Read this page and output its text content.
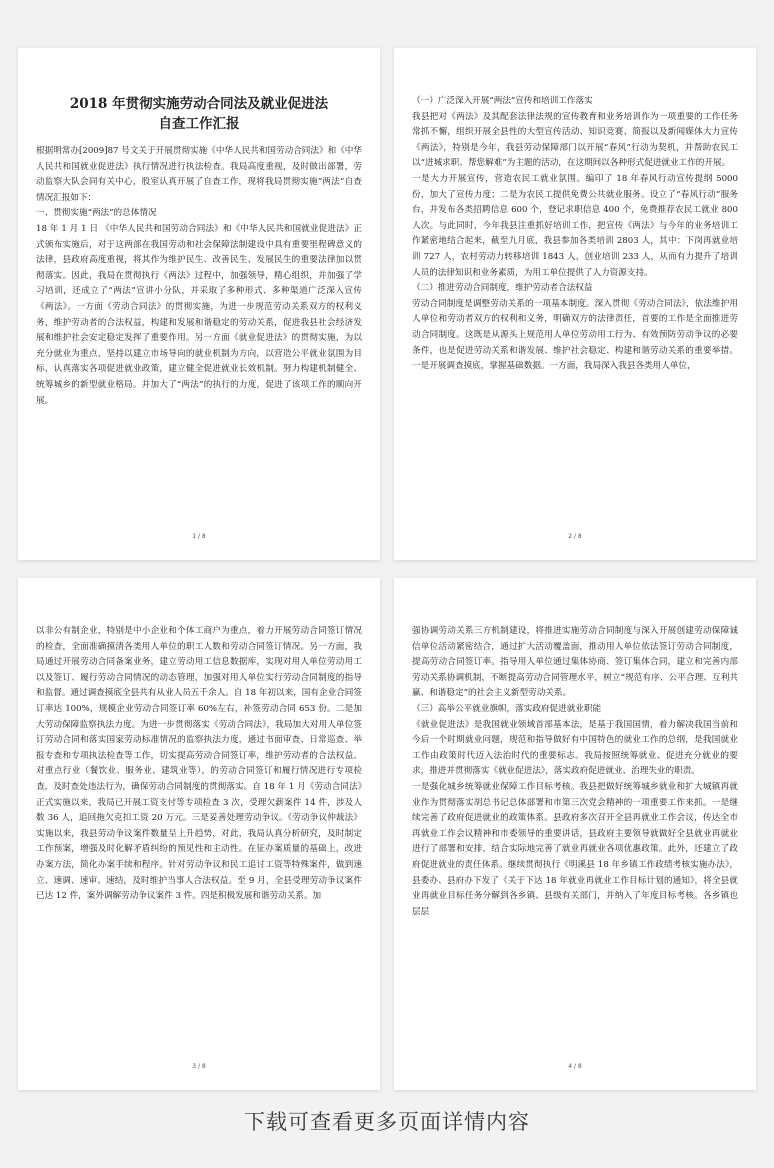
2018 年贯彻实施劳动合同法及就业促进法
自查工作汇报

根据明常办[2009]87 号文关于开展贯彻实施《中华人民共和国劳动合同法》和《中华人民共和国就业促进法》执行情况进行执法检查。我局高度重视，及时做出部署，劳动监察大队会同有关中心，股室认真开展了自查工作，现将我局贯彻实施“两法”自查情况汇报如下：

一、贯彻实施“两法”的总体情况

18 年 1 月 1 日 《中华人民共和国劳动合同法》和《中华人民共和国就业促进法》正式颁布实施后，对于这两部在我国劳动和社会保障法制建设中具有重要里程碑意义的法律，县政府高度重视，将其作为维护民生、改善民生、发展民生的重要法律加以贯彻落实。因此，我局在贯彻执行《两法》过程中，加强领导，精心组织，并加强了学习培训，还成立了“两法”宣讲小分队，并采取了多种形式、多种渠道广泛深入宣传《两法》。一方面《劳动合同法》的贯彻实施，为进一步规范劳动关系双方的权利义务，维护劳动者的合法权益，构建和发展和谐稳定的劳动关系，促进我县社会经济发展和维护社会安定稳定发挥了重要作用。另一方面《就业促进法》的贯彻实施，为以充分就业为重点，坚持以建立市场导向的就业机制为方向，以营造公平就业氛围为目标，认真落实各项促进就业政策，建立健全促进就业长效机制。努力构建机制健全、统筹城乡的新型就业格局。并加大了“两法”的执行的力度，促进了该项工作的顺向开展。

1 / 8

（一）广泛深入开展“两法”宣传和培训工作落实

我县把对《两法》及其配套法律法规的宣传教育和业务培训作为一项重要的工作任务常抓不懈，组织开展全县性的大型宣传活动、知识竞赛、简报以及新闻媒体大力宣传《两法》，特别是今年，我县劳动保障部门以开展“春风”行动为契机，并帮助农民工以“进城求职、帮您解难”为主题的活动，在这期间以各种形式促进就业工作的开展。

一是大力开展宣传，营造农民工就业氛围。编印了 18 年春风行动宣传提纲 5000 份，加大了宣传力度；二是为农民工提供免费公共就业服务。设立了“春风行动”服务台，并发布各类招聘信息 600 个，登记求职信息 400 个，免费推荐农民工就业 800 人次。与此同时，今年我县注重抓好培训工作，把宣传《两法》与今年的业务培训工作紧密地结合起来，截至九月底，我县参加各类培训 2803 人，其中：下岗再就业培训 727 人，农村劳动力转移培训 1843 人，创业培训 233 人，从而有力提升了培训人员的法律知识和业务素质，为用工单位提供了人力资源支持。

（二）推进劳动合同制度，维护劳动者合法权益

劳动合同制度是调整劳动关系的一项基本制度。深入贯彻《劳动合同法》，依法维护用人单位和劳动者双方的权利和义务，明确双方的法律责任，首要的工作是全面推进劳动合同制度。这既是从源头上规范用人单位劳动用工行为、有效预防劳动争议的必要条件，也是促进劳动关系和谐发展、维护社会稳定、构建和谐劳动关系的重要举措。一是开展调查摸底，掌握基础数据。一方面，我局深入我县各类用人单位，

2 / 8

以非公有制企业，特别是中小企业和个体工商户为重点，着力开展劳动合同签订情况的检查，全面准确摸清各类用人单位的职工人数和劳动合同签订情况。另一方面，我局通过开展劳动合同备案业务，建立劳动用工信息数据库，实现对用人单位劳动用工以及签订、履行劳动合同情况的动态管理，加强对用人单位实行劳动合同制度的指导和监督。通过调查摸底全县共有从业人员五千余人。自 18 年初以来，国有企业合同签订率达 100%，规模企业劳动合同签订率 60%左右，补签劳动合同 653 份。二是加大劳动保障监察执法力度。为进一步贯彻落实《劳动合同法》，我局加大对用人单位签订劳动合同和落实国家劳动标准情况的监察执法力度，通过书面审查、日常巡查、举报专查和专项执法检查等工作，切实提高劳动合同签订率，维护劳动者的合法权益。对重点行业（餐饮业、服务业、建筑业等），的劳动合同签订和履行情况进行专项检查，及时查处违法行为，确保劳动合同制度的贯彻落实。自 18 年 1 月《劳动合同法》正式实施以来，我局已开展工资支付等专项检查 3 次，受理欠薪案件 14 件，涉及人数 36 人，追回拖欠克扣工资 20 万元。三是妥善处理劳动争议。《劳动争议仲裁法》实施以来，我县劳动争议案件数量呈上升趋势，对此，我局认真分析研究，及时制定工作预案，增强及时化解矛盾纠纷的预见性和主动性。在征办案质量的基础上，改进办案方法，简化办案手续和程序。针对劳动争议和民工追讨工资等特殊案件，做到速立、速调、速审、速结，及时维护当事人合法权益。至 9 月，全县受理劳动争议案件已达 12 件，案外调解劳动争议案件 3 件。四是积极发展和谐劳动关系。加

3 / 8

强协调劳动关系三方机制建设，将推进实施劳动合同制度与深入开展创建劳动保障诚信单位活动紧密结合，通过扩大活动覆盖面，推动用人单位依法签订劳动合同制度，提高劳动合同签订率。指导用人单位通过集体协商、签订集体合同，建立和完善内部劳动关系协调机制，不断提高劳动合同管理水平，树立“规范有序、公平合理、互利共赢、和谐稳定”的社会主义新型劳动关系。

（三）高举公平就业旗帜，落实政府促进就业职能

《就业促进法》是我国就业领域首部基本法，是基于我国国情，着力解决我国当前和今后一个时期就业问题，规范和指导做好有中国特色的就业工作的总纲，是我国就业工作由政策时代迈入法治时代的重要标志。我局按照统筹就业、促进充分就业的要求，推进并贯彻落实《就业促进法》，落实政府促进就业、治理失业的职责。

一是强化城乡统筹就业保障工作目标考核。我县把做好统筹城乡就业和扩大城镇再就业作为贯彻落实胡总书记总体部署和市第三次党会精神的一项重要工作来抓。一是继续完善了政府促进就业的政策体系。县政府多次召开全县再就业工作会议，传达全市再就业工作会议精神和市委领导的重要讲话，县政府主要领导就做好全县就业再就业进行了部署和安排，结合实际地完善了就业再就业各项优惠政策。此外，还建立了政府促进就业的责任体系。继续贯彻执行《明溪县 18 年乡镇工作政绩考核实施办法》，县委办、县府办下发了《关于下达 18 年就业再就业工作目标计划的通知》，将全县就业再就业目标任务分解到各乡镇、县级有关部门，并纳入了年度目标考核。各乡镇也层层

4 / 8
下载可查看更多页面详情内容
